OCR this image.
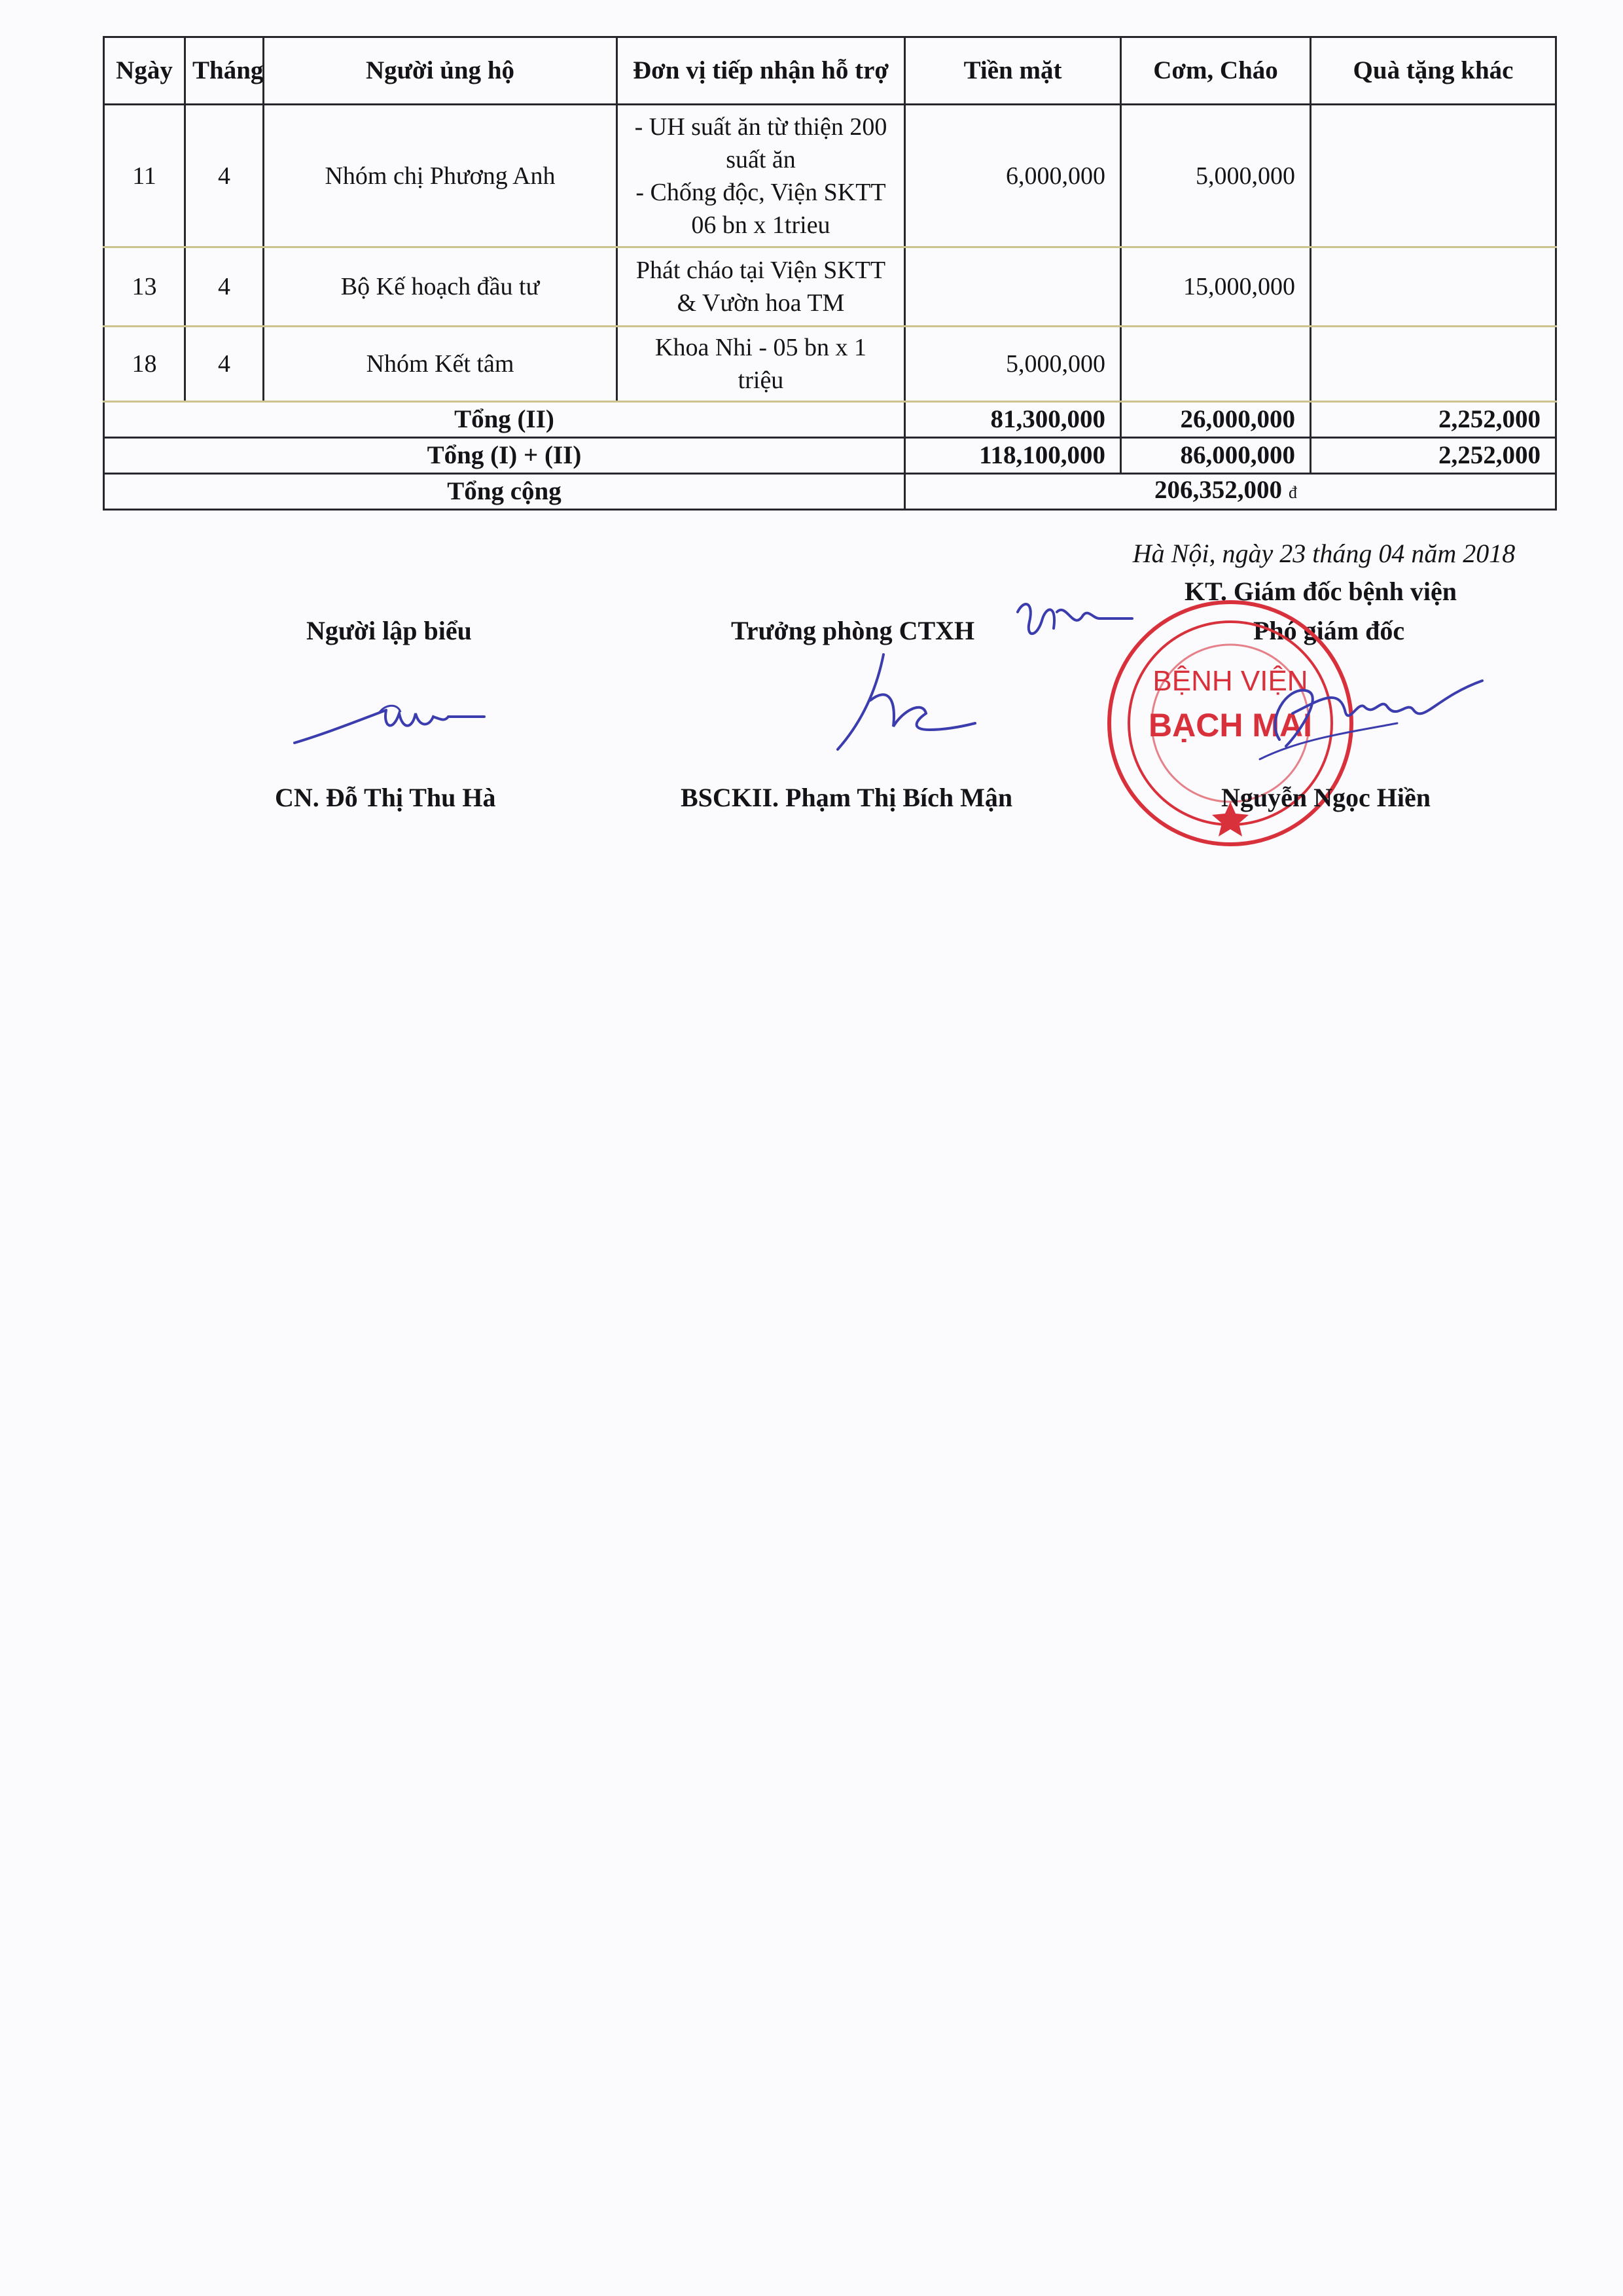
Ngày	Tháng	Người ủng hộ	Đơn vị tiếp nhận hỗ trợ	Tiền mặt	Cơm, Cháo	Quà tặng khác
11	4	Nhóm chị Phương Anh	- UH suất ăn từ thiện 200
suất ăn
- Chống độc, Viện SKTT
06 bn x 1trieu	6,000,000	5,000,000	
13	4	Bộ Kế hoạch đầu tư	Phát cháo tại Viện SKTT
& Vườn hoa TM		15,000,000	
18	4	Nhóm Kết tâm	Khoa Nhi - 05 bn x 1
triệu	5,000,000		
Tổng (II)				81,300,000	26,000,000	2,252,000
Tổng (I) + (II)				118,100,000	86,000,000	2,252,000
Tổng cộng				206,352,000 đ		
Hà Nội, ngày 23 tháng 04 năm 2018
KT. Giám đốc bệnh viện
Phó giám đốc
Người lập biểu
CN. Đỗ Thị Thu Hà
Trưởng phòng CTXH
BSCKII. Phạm Thị Bích Mận
BỆNH VIỆN
BẠCH MAI
Nguyễn Ngọc Hiền
